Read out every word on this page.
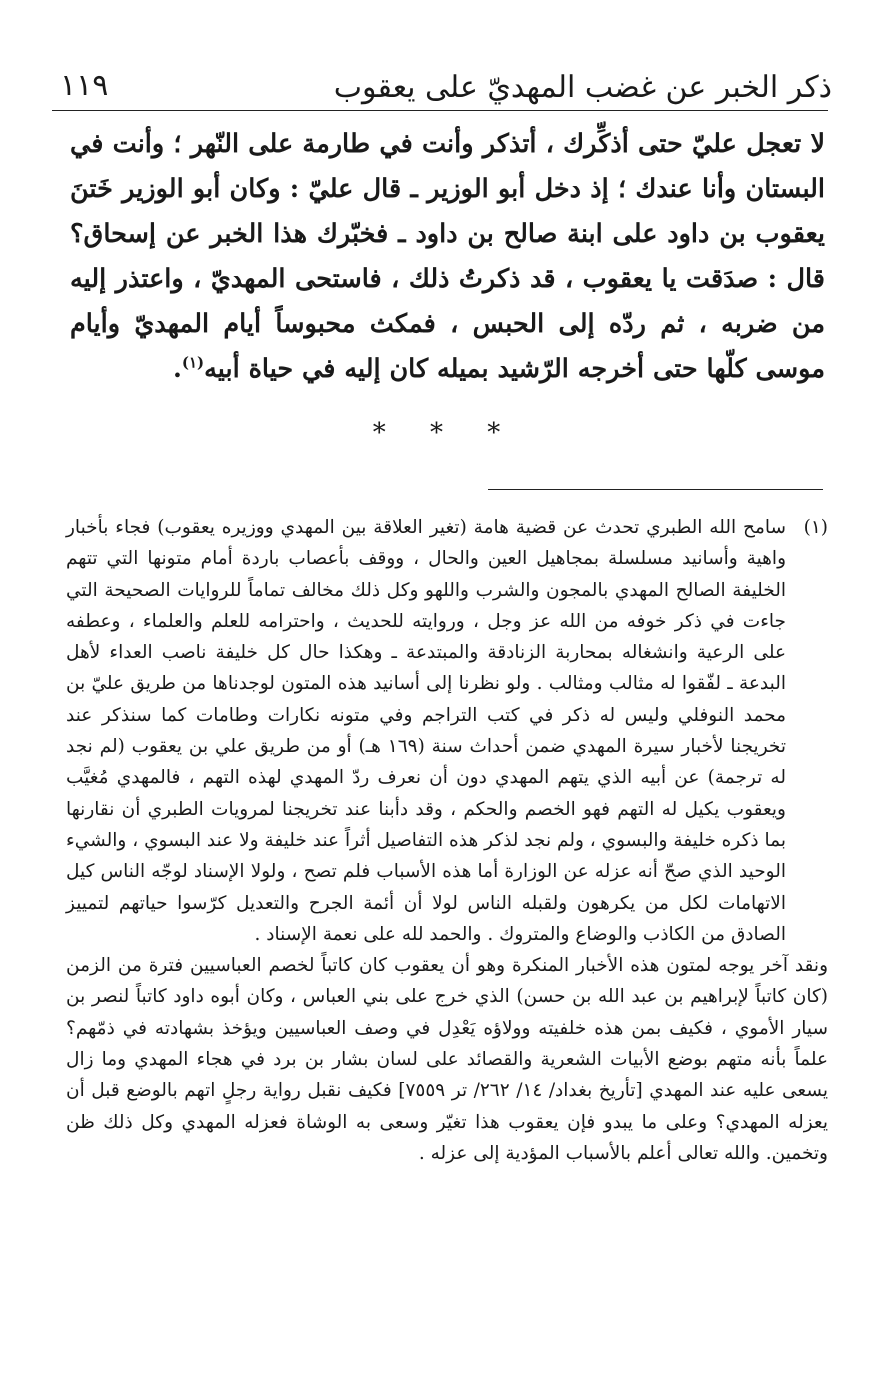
ذكر الخبر عن غضب المهديّ على يعقوب
١١٩

لا تعجل عليّ حتى أذكِّرك ، أتذكر وأنت في طارمة على النّهر ؛ وأنت في البستان وأنا عندك ؛ إذ دخل أبو الوزير ـ قال عليّ : وكان أبو الوزير خَتنَ يعقوب بن داود على ابنة صالح بن داود ـ فخبّرك هذا الخبر عن إسحاق؟ قال : صدَقت يا يعقوب ، قد ذكرتُ ذلك ، فاستحى المهديّ ، واعتذر إليه من ضربه ، ثم ردّه إلى الحبس ، فمكث محبوساً أيام المهديّ وأيام موسى كلّها حتى أخرجه الرّشيد بميله كان إليه في حياة أبيه$^{(١)}$.

* * *
(١)

سامح الله الطبري تحدث عن قضية هامة (تغير العلاقة بين المهدي ووزيره يعقوب) فجاء بأخبار واهية وأسانيد مسلسلة بمجاهيل العين والحال ، ووقف بأعصاب باردة أمام متونها التي تتهم الخليفة الصالح المهدي بالمجون والشرب واللهو وكل ذلك مخالف تماماً للروايات الصحيحة التي جاءت في ذكر خوفه من الله عز وجل ، وروايته للحديث ، واحترامه للعلم والعلماء ، وعطفه على الرعية وانشغاله بمحاربة الزنادقة والمبتدعة ـ وهكذا حال كل خليفة ناصب العداء لأهل البدعة ـ لفّقوا له مثالب ومثالب . ولو نظرنا إلى أسانيد هذه المتون لوجدناها من طريق عليّ بن محمد النوفلي وليس له ذكر في كتب التراجم وفي متونه نكارات وطامات كما سنذكر عند تخريجنا لأخبار سيرة المهدي ضمن أحداث سنة (١٦٩ هـ) أو من طريق علي بن يعقوب (لم نجد له ترجمة) عن أبيه الذي يتهم المهدي دون أن نعرف ردّ المهدي لهذه التهم ، فالمهدي مُغيَّب ويعقوب يكيل له التهم فهو الخصم والحكم ، وقد دأبنا عند تخريجنا لمرويات الطبري أن نقارنها بما ذكره خليفة والبسوي ، ولم نجد لذكر هذه التفاصيل أثراً عند خليفة ولا عند البسوي ، والشيء الوحيد الذي صحّ أنه عزله عن الوزارة أما هذه الأسباب فلم تصح ، ولولا الإسناد لوجّه الناس كيل الاتهامات لكل من يكرهون ولقبله الناس لولا أن أئمة الجرح والتعديل كرّسوا حياتهم لتمييز الصادق من الكاذب والوضاع والمتروك . والحمد لله على نعمة الإسناد .

ونقد آخر يوجه لمتون هذه الأخبار المنكرة وهو أن يعقوب كان كاتباً لخصم العباسيين فترة من الزمن (كان كاتباً لإبراهيم بن عبد الله بن حسن) الذي خرج على بني العباس ، وكان أبوه داود كاتباً لنصر بن سيار الأموي ، فكيف بمن هذه خلفيته وولاؤه يَعْدِل في وصف العباسيين ويؤخذ بشهادته في ذمّهم؟ علماً بأنه متهم بوضع الأبيات الشعرية والقصائد على لسان بشار بن برد في هجاء المهدي وما زال يسعى عليه عند المهدي [تأريخ بغداد/ ١٤/ ٢٦٢/ تر ٧٥٥٩] فكيف نقبل رواية رجلٍ اتهم بالوضع قبل أن يعزله المهدي؟ وعلى ما يبدو فإن يعقوب هذا تغيّر وسعى به الوشاة فعزله المهدي وكل ذلك ظن وتخمين. والله تعالى أعلم بالأسباب المؤدية إلى عزله .
